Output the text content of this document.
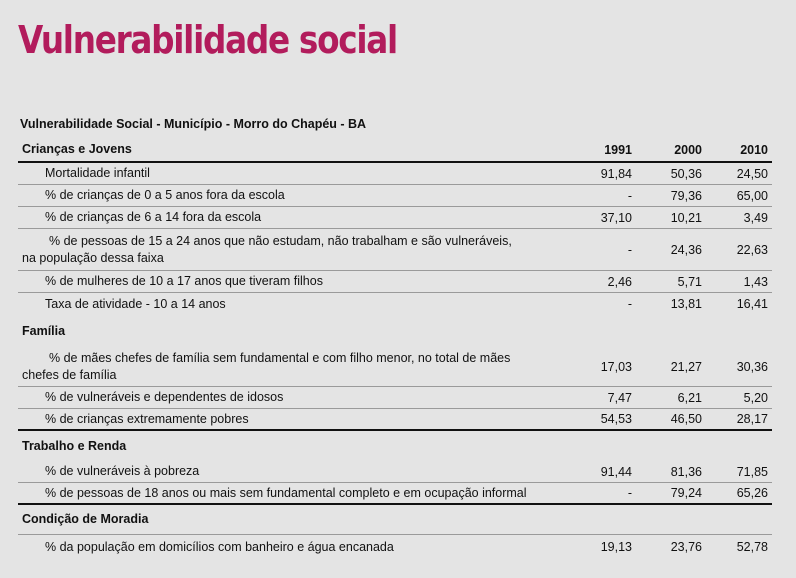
Vulnerabilidade social
Vulnerabilidade Social - Município - Morro do Chapéu - BA
Crianças e Jovens	1991	2000	2010
Mortalidade infantil	91,84	50,36	24,50
% de crianças de 0 a 5 anos fora da escola	-	79,36	65,00
% de crianças de 6 a 14 fora da escola	37,10	10,21	3,49
% de pessoas de 15 a 24 anos que não estudam, não trabalham e são vulneráveis, na população dessa faixa
-	24,36	22,63
% de mulheres de 10 a 17 anos que tiveram filhos	2,46	5,71	1,43
Taxa de atividade - 10 a 14 anos	-	13,81	16,41
Família
% de mães chefes de família sem fundamental e com filho menor, no total de mães chefes de família
17,03	21,27	30,36
% de vulneráveis e dependentes de idosos	7,47	6,21	5,20
% de crianças extremamente pobres	54,53	46,50	28,17
Trabalho e Renda
% de vulneráveis à pobreza	91,44	81,36	71,85
% de pessoas de 18 anos ou mais sem fundamental completo e em ocupação informal	-	79,24	65,26
Condição de Moradia
% da população em domicílios com banheiro e água encanada	19,13	23,76	52,78
